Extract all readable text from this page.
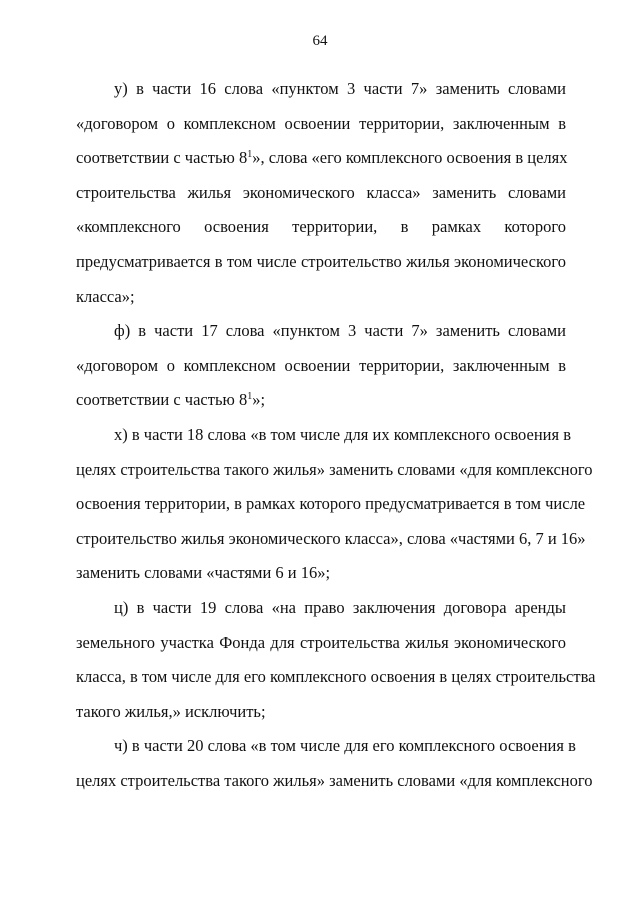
64
у) в части 16 слова «пунктом 3 части 7» заменить словами
«договором о комплексном освоении территории, заключенным в
соответствии с частью $8^1$», слова «его комплексного освоения в целях
строительства жилья экономического класса» заменить словами
«комплексного освоения территории, в рамках которого
предусматривается в том числе строительство жилья экономического
класса»;
ф) в части 17 слова «пунктом 3 части 7» заменить словами
«договором о комплексном освоении территории, заключенным в
соответствии с частью $8^1$»;
х) в части 18 слова «в том числе для их комплексного освоения в
целях строительства такого жилья» заменить словами «для комплексного
освоения территории, в рамках которого предусматривается в том числе
строительство жилья экономического класса», слова «частями 6, 7 и 16»
заменить словами «частями 6 и 16»;
ц) в части 19 слова «на право заключения договора аренды
земельного участка Фонда для строительства жилья экономического
класса, в том числе для его комплексного освоения в целях строительства
такого жилья,» исключить;
ч) в части 20 слова «в том числе для его комплексного освоения в
целях строительства такого жилья» заменить словами «для комплексного
